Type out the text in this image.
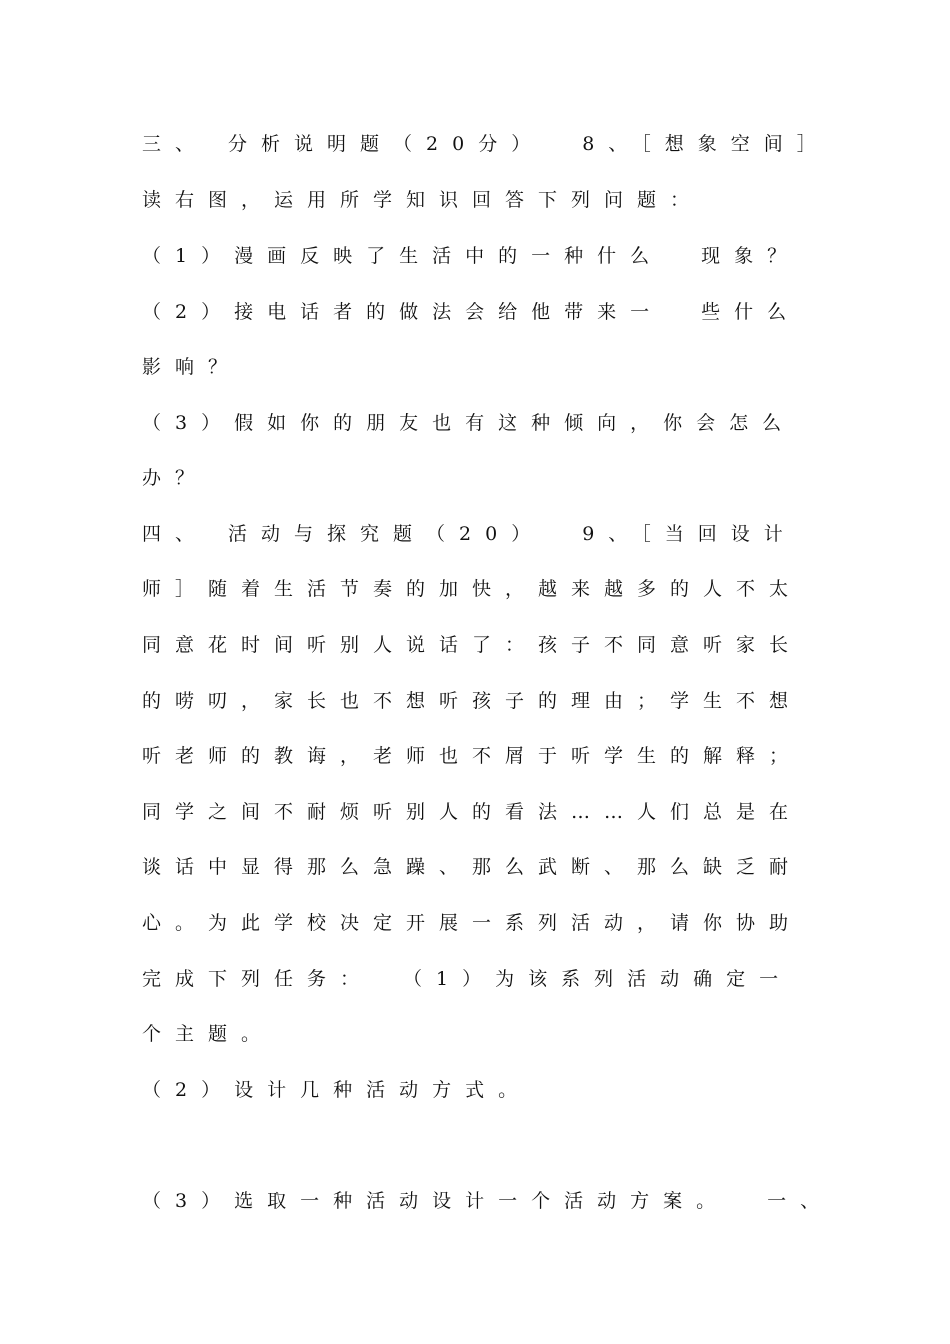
三、 分析说明题（20分） 8、［想象空间］
读右图，运用所学知识回答下列问题：
（1）漫画反映了生活中的一种什么 现象？
（2）接电话者的做法会给他带来一 些什么
影响？
（3）假如你的朋友也有这种倾向，你会怎么
办？
四、 活动与探究题（20） 9、［当回设计
师］随着生活节奏的加快，越来越多的人不太
同意花时间听别人说话了：孩子不同意听家长
的唠叨，家长也不想听孩子的理由；学生不想
听老师的教诲，老师也不屑于听学生的解释；
同学之间不耐烦听别人的看法……人们总是在
谈话中显得那么急躁、那么武断、那么缺乏耐
心。为此学校决定开展一系列活动，请你协助
完成下列任务： （1）为该系列活动确定一
个主题。
（2）设计几种活动方式。
（3）选取一种活动设计一个活动方案。 一、
